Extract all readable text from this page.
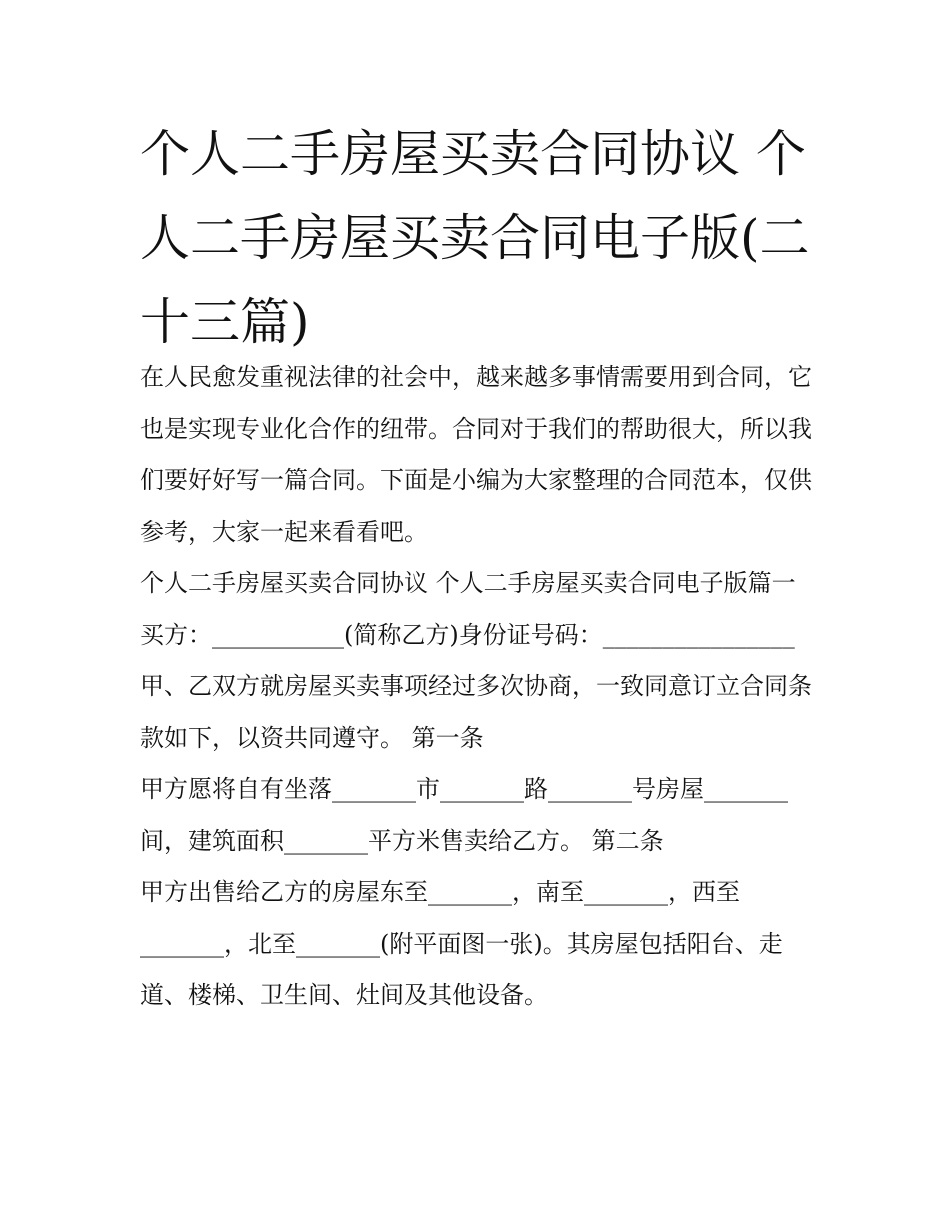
个人二手房屋买卖合同协议 个人二手房屋买卖合同电子版(二十三篇)

在人民愈发重视法律的社会中，越来越多事情需要用到合同，它也是实现专业化合作的纽带。合同对于我们的帮助很大，所以我们要好好写一篇合同。下面是小编为大家整理的合同范本，仅供参考，大家一起来看看吧。

个人二手房屋买卖合同协议 个人二手房屋买卖合同电子版篇一

买方：___________(简称乙方)身份证号码：________________

甲、乙双方就房屋买卖事项经过多次协商，一致同意订立合同条款如下，以资共同遵守。 第一条

甲方愿将自有坐落_______市_______路_______号房屋_______间，建筑面积_______平方米售卖给乙方。 第二条

甲方出售给乙方的房屋东至_______，南至_______，西至_______，北至_______(附平面图一张)。其房屋包括阳台、走道、楼梯、卫生间、灶间及其他设备。
